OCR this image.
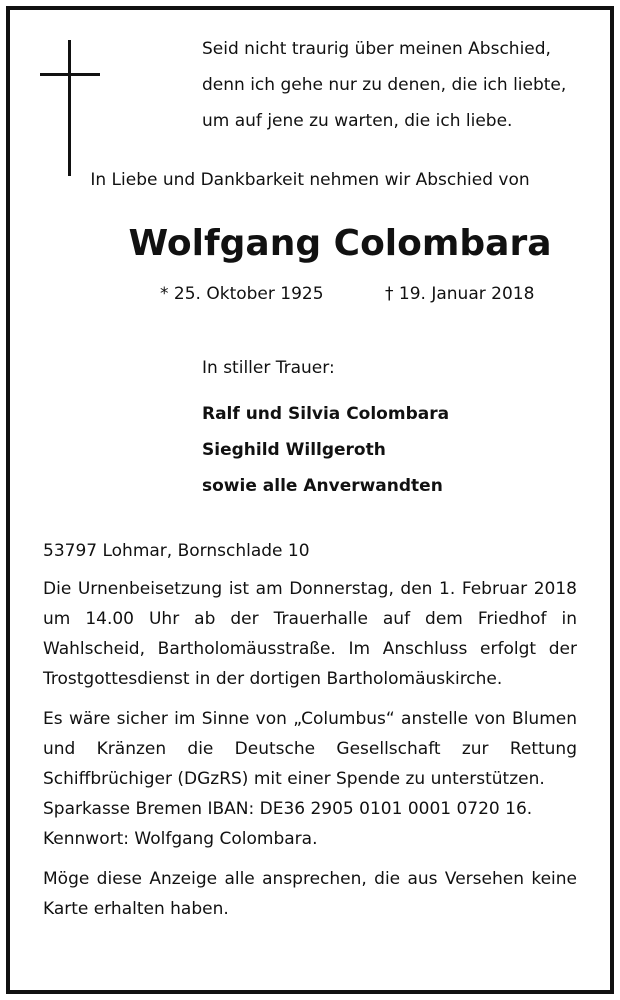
Seid nicht traurig über meinen Abschied,
denn ich gehe nur zu denen, die ich liebte,
um auf jene zu warten, die ich liebe.
In Liebe und Dankbarkeit nehmen wir Abschied von
Wolfgang Colombara
* 25. Oktober 1925	† 19. Januar 2018
In stiller Trauer:
Ralf und Silvia Colombara
Sieghild Willgeroth
sowie alle Anverwandten

53797 Lohmar, Bornschlade 10

Die Urnenbeisetzung ist am Donnerstag, den 1. Februar 2018 um 14.00 Uhr ab der Trauerhalle auf dem Friedhof in Wahlscheid, Bartholomäusstraße. Im Anschluss erfolgt der Trostgottesdienst in der dortigen Bartholomäuskirche.

Es wäre sicher im Sinne von „Columbus“ anstelle von Blumen und Kränzen die Deutsche Gesellschaft zur Rettung Schiffbrüchiger (DGzRS) mit einer Spende zu unterstützen.

Sparkasse Bremen IBAN: DE36 2905 0101 0001 0720 16.

Kennwort: Wolfgang Colombara.

Möge diese Anzeige alle ansprechen, die aus Versehen keine Karte erhalten haben.
